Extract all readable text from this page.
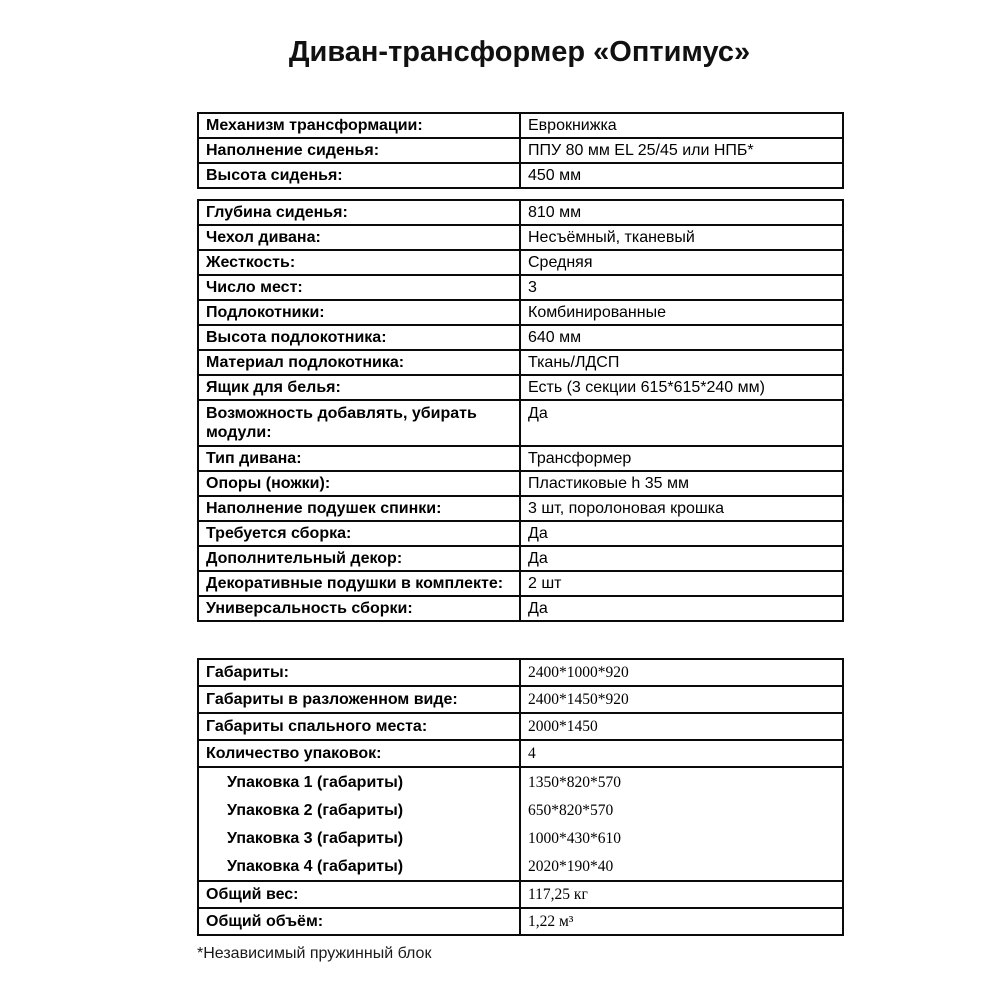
Диван-трансформер «Оптимус»
Механизм трансформации:	Еврокнижка
Наполнение сиденья:	ППУ 80 мм EL 25/45 или НПБ*
Высота сиденья:	450 мм
Глубина сиденья:	810 мм
Чехол дивана:	Несъёмный, тканевый
Жесткость:	Средняя
Число мест:	3
Подлокотники:	Комбинированные
Высота подлокотника:	640 мм
Материал подлокотника:	Ткань/ЛДСП
Ящик для белья:	Есть (3 секции 615*615*240 мм)
Возможность добавлять, убирать модули:	Да
Тип дивана:	Трансформер
Опоры (ножки):	Пластиковые h 35 мм
Наполнение подушек спинки:	3 шт, поролоновая крошка
Требуется сборка:	Да
Дополнительный декор:	Да
Декоративные подушки в комплекте:	2 шт
Универсальность сборки:	Да
Габариты:	2400*1000*920
Габариты в разложенном виде:	2400*1450*920
Габариты спального места:	2000*1450
Количество упаковок:	4
Упаковка 1 (габариты)	1350*820*570
Упаковка 2 (габариты)	650*820*570
Упаковка 3 (габариты)	1000*430*610
Упаковка 4 (габариты)	2020*190*40
Общий вес:	117,25 кг
Общий объём:	1,22 м³
*Независимый пружинный блок
